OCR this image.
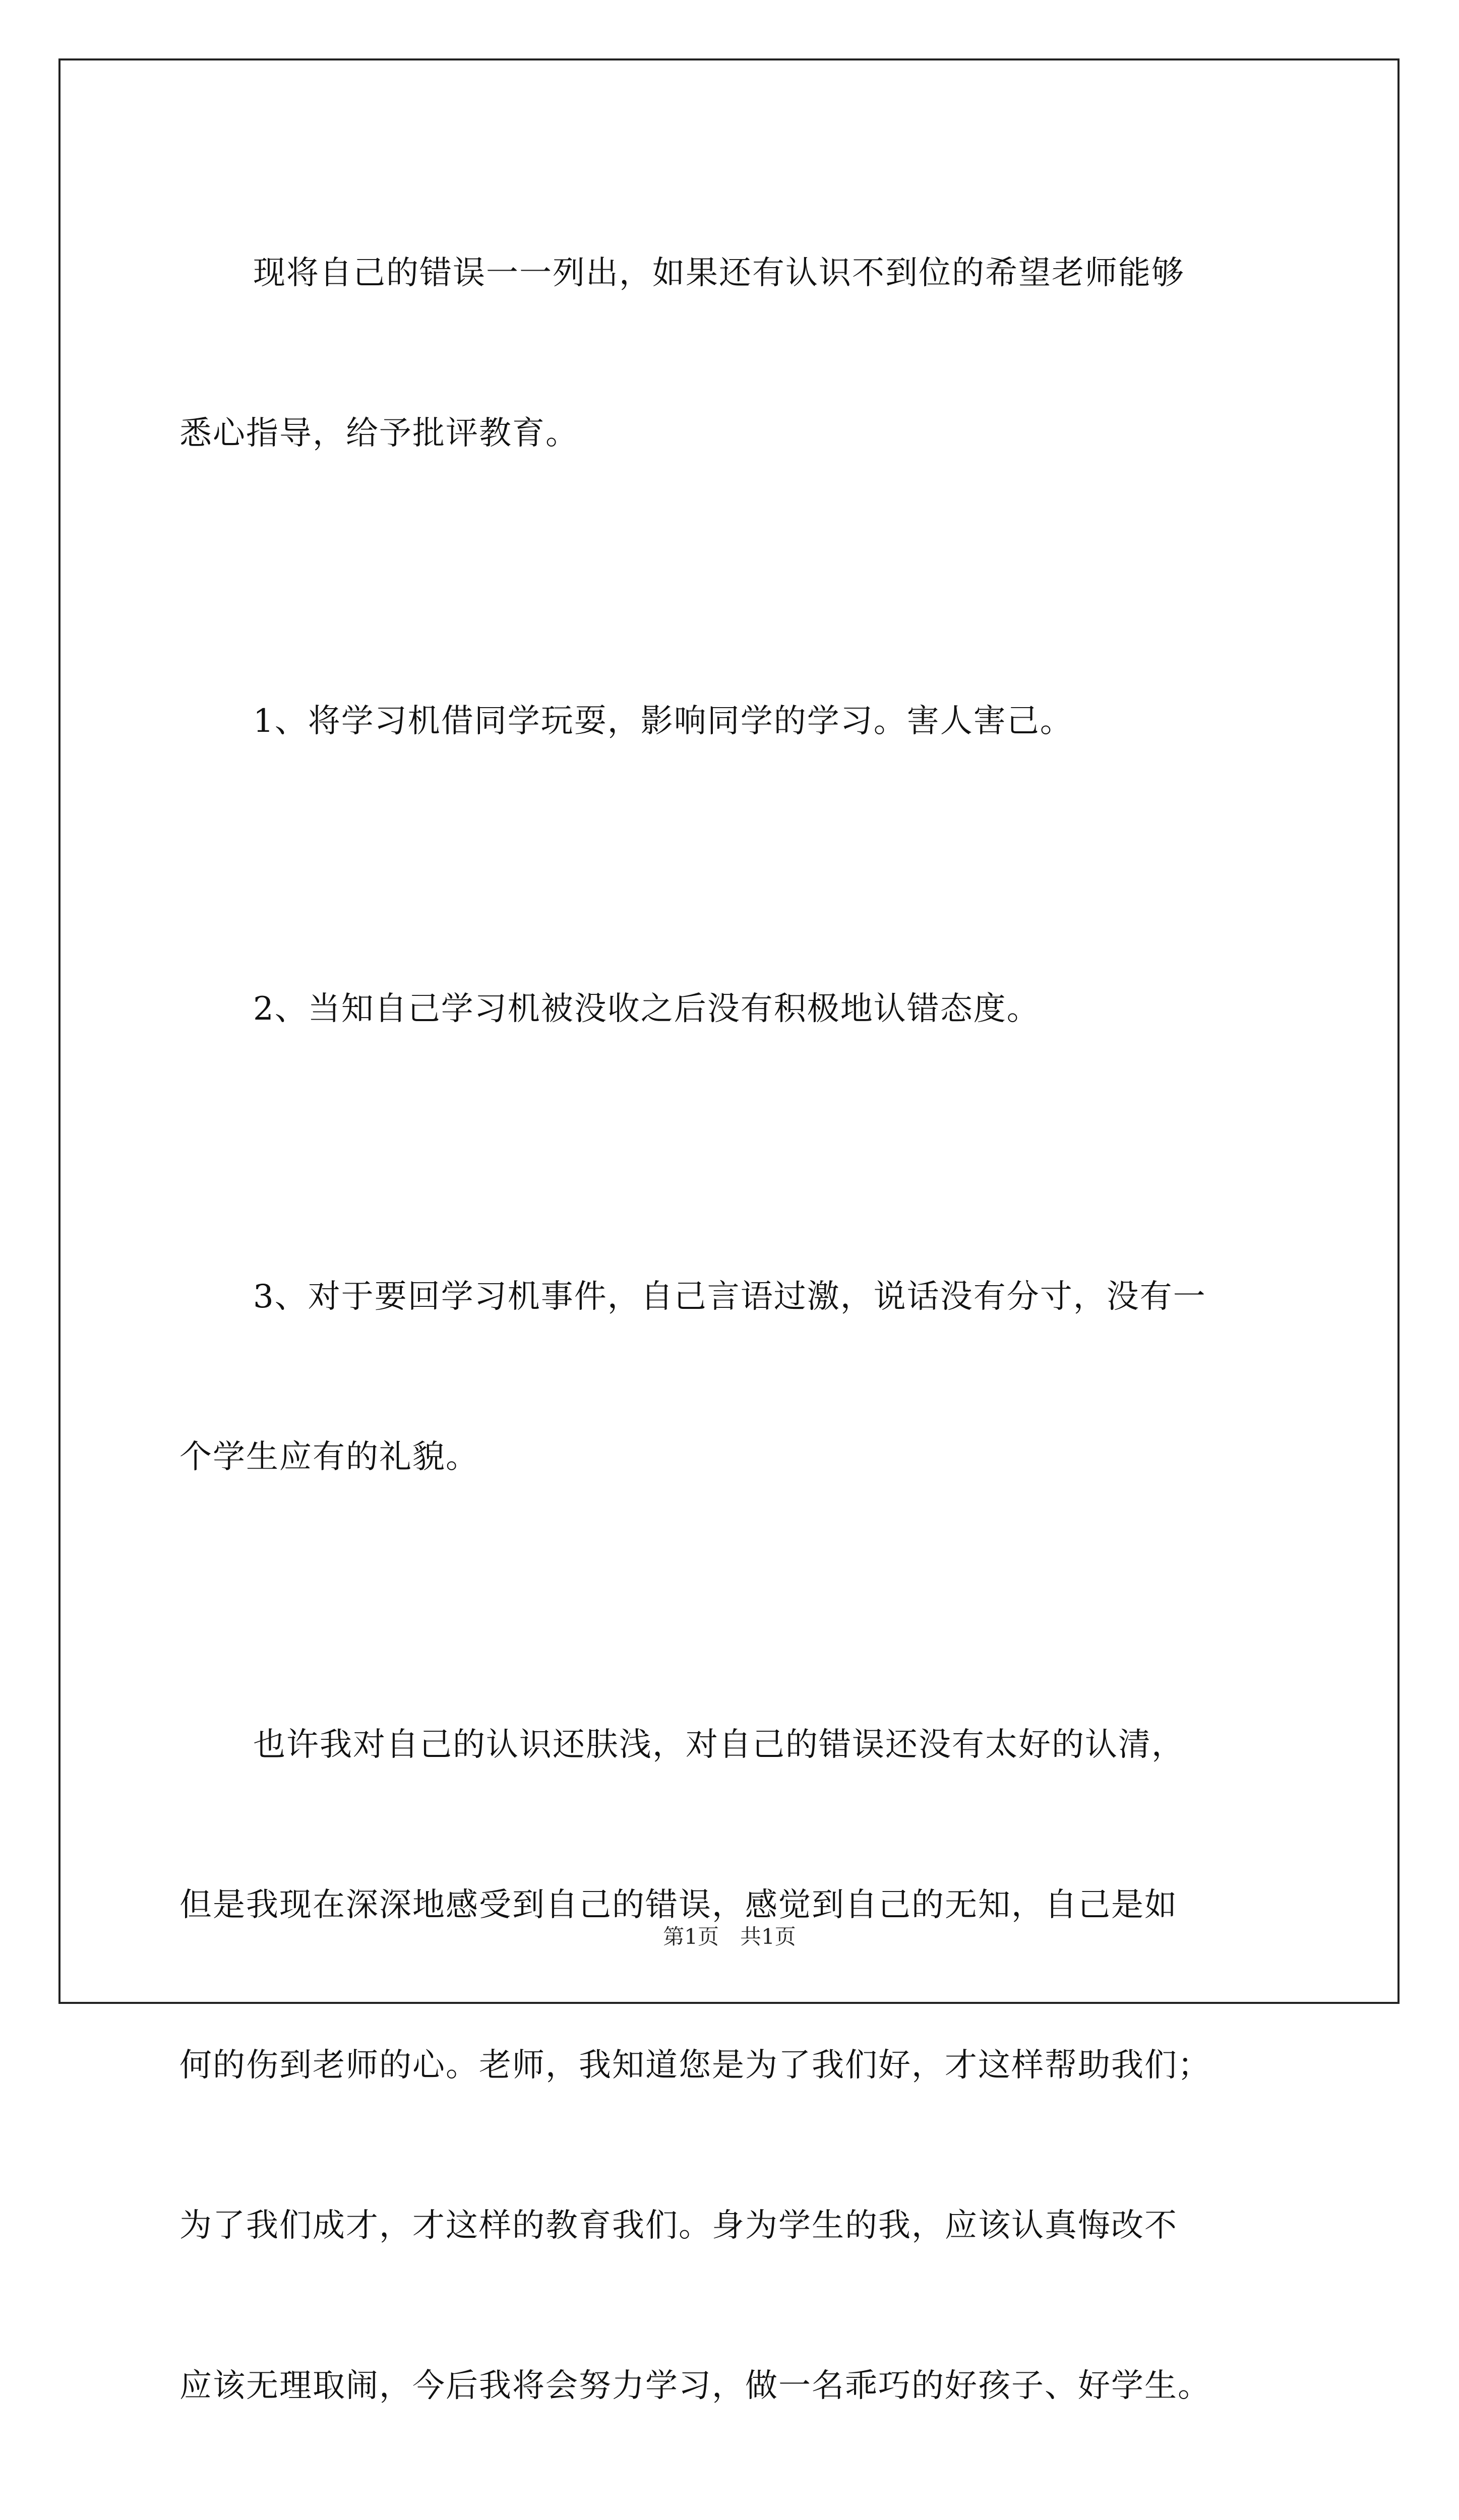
现将自己的错误一一列出，如果还有认识不到位的希望老师能够

悉心指导，给予批评教育。

1、将学习机借同学玩耍，影响同学的学习。害人害己。

2、当知自己学习机被没收之后没有积极地认错态度。

3、对于要回学习机事件，自己言语过激，说话没有分寸，没有一

个学生应有的礼貌。

也许我对自己的认识还肤浅，对自己的错误还没有太好的认清，

但是我现在深深地感受到自己的错误，感觉到自己的无知，自己是如

何的伤到老师的心。老师，我知道您是为了我们好，才这样帮助我们；

为了我们成才，才这样的教育我们。身为学生的我，应该认真悔改不

应该无理取闹，今后我将会努力学习，做一名乖巧的好孩子、好学生。

第1页　共1页
